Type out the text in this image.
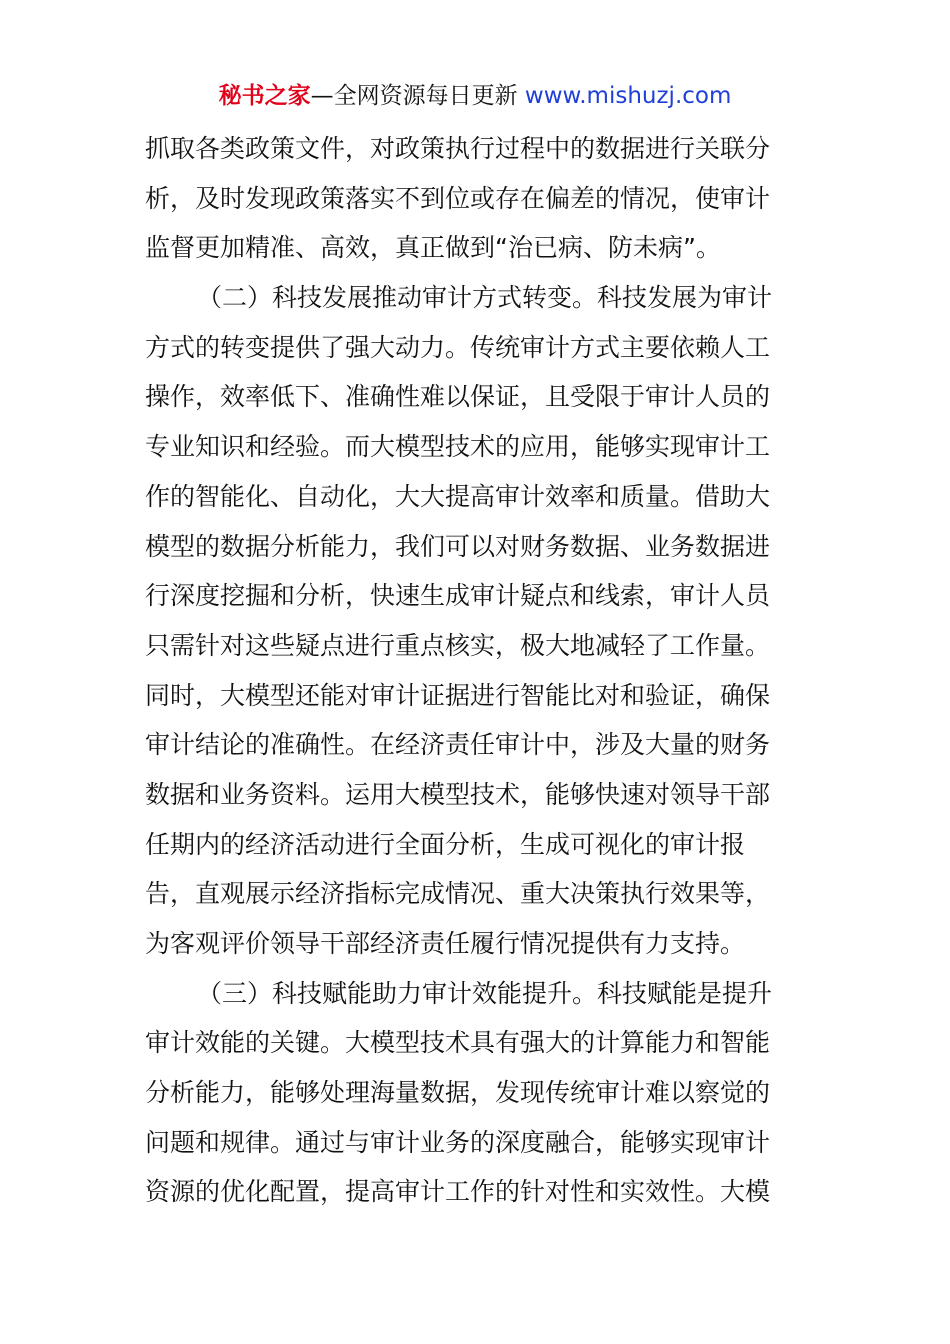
秘书之家—全网资源每日更新 www.mishuzj.com
抓取各类政策文件，对政策执行过程中的数据进行关联分
析，及时发现政策落实不到位或存在偏差的情况，使审计
监督更加精准、高效，真正做到“治已病、防未病”。
（二）科技发展推动审计方式转变。科技发展为审计
方式的转变提供了强大动力。传统审计方式主要依赖人工
操作，效率低下、准确性难以保证，且受限于审计人员的
专业知识和经验。而大模型技术的应用，能够实现审计工
作的智能化、自动化，大大提高审计效率和质量。借助大
模型的数据分析能力，我们可以对财务数据、业务数据进
行深度挖掘和分析，快速生成审计疑点和线索，审计人员
只需针对这些疑点进行重点核实，极大地减轻了工作量。
同时，大模型还能对审计证据进行智能比对和验证，确保
审计结论的准确性。在经济责任审计中，涉及大量的财务
数据和业务资料。运用大模型技术，能够快速对领导干部
任期内的经济活动进行全面分析，生成可视化的审计报
告，直观展示经济指标完成情况、重大决策执行效果等，
为客观评价领导干部经济责任履行情况提供有力支持。
（三）科技赋能助力审计效能提升。科技赋能是提升
审计效能的关键。大模型技术具有强大的计算能力和智能
分析能力，能够处理海量数据，发现传统审计难以察觉的
问题和规律。通过与审计业务的深度融合，能够实现审计
资源的优化配置，提高审计工作的针对性和实效性。大模
